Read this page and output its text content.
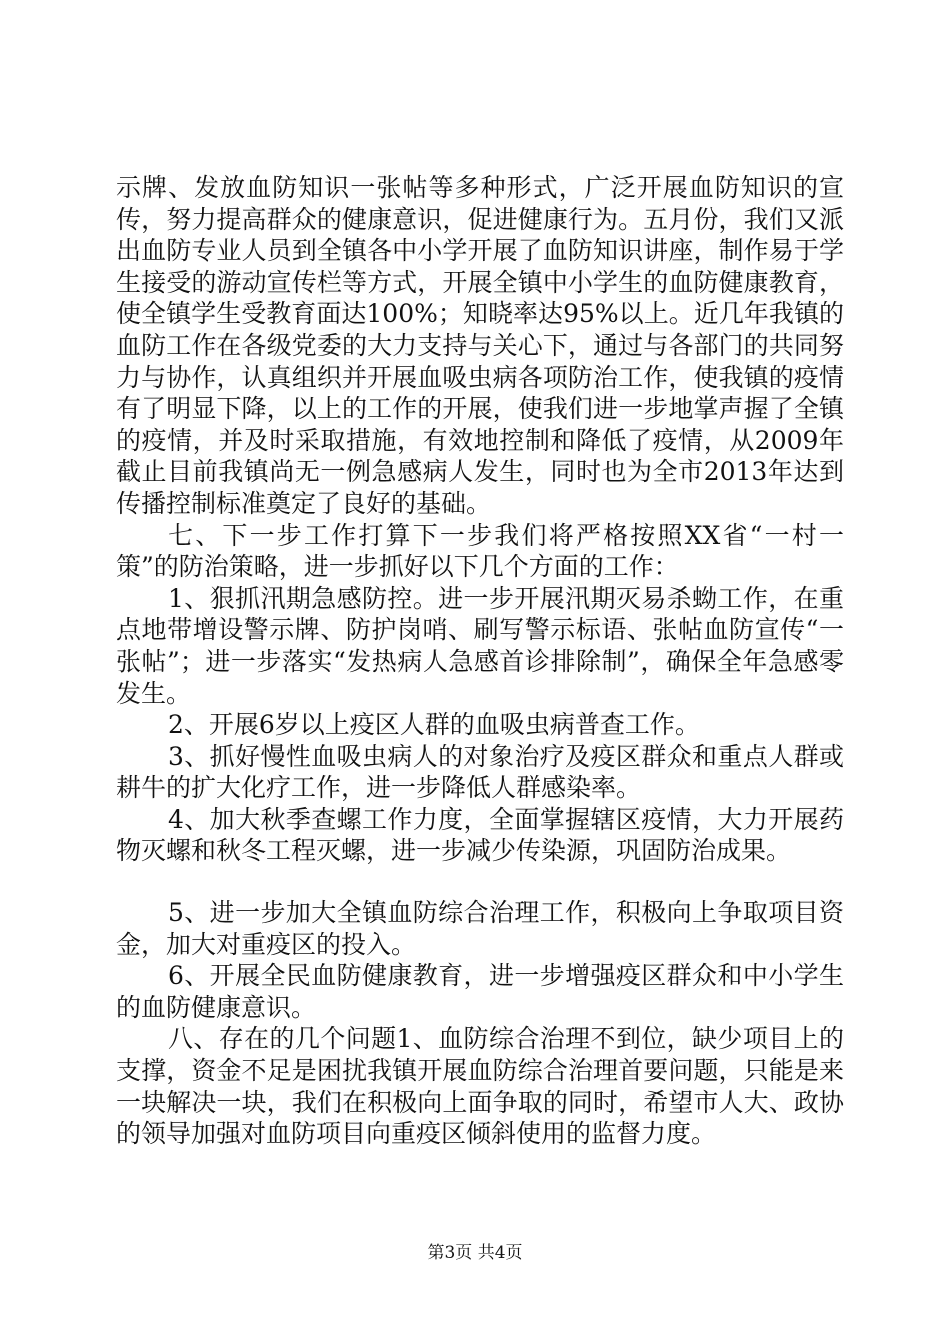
示牌、发放血防知识一张帖等多种形式，广泛开展血防知识的宣传，努力提高群众的健康意识，促进健康行为。五月份，我们又派出血防专业人员到全镇各中小学开展了血防知识讲座，制作易于学生接受的游动宣传栏等方式，开展全镇中小学生的血防健康教育，使全镇学生受教育面达100%；知晓率达95%以上。近几年我镇的血防工作在各级党委的大力支持与关心下，通过与各部门的共同努力与协作，认真组织并开展血吸虫病各项防治工作，使我镇的疫情有了明显下降，以上的工作的开展，使我们进一步地掌声握了全镇的疫情，并及时采取措施，有效地控制和降低了疫情，从2009年截止目前我镇尚无一例急感病人发生，同时也为全市2013年达到传播控制标准奠定了良好的基础。

七、下一步工作打算下一步我们将严格按照XX省“一村一策”的防治策略，进一步抓好以下几个方面的工作：

1、狠抓汛期急感防控。进一步开展汛期灭易杀蚴工作，在重点地带增设警示牌、防护岗哨、刷写警示标语、张帖血防宣传“一张帖”；进一步落实“发热病人急感首诊排除制”，确保全年急感零发生。

2、开展6岁以上疫区人群的血吸虫病普查工作。

3、抓好慢性血吸虫病人的对象治疗及疫区群众和重点人群或耕牛的扩大化疗工作，进一步降低人群感染率。

4、加大秋季查螺工作力度，全面掌握辖区疫情，大力开展药物灭螺和秋冬工程灭螺，进一步减少传染源，巩固防治成果。

5、进一步加大全镇血防综合治理工作，积极向上争取项目资金，加大对重疫区的投入。

6、开展全民血防健康教育，进一步增强疫区群众和中小学生的血防健康意识。

八、存在的几个问题1、血防综合治理不到位，缺少项目上的支撑，资金不足是困扰我镇开展血防综合治理首要问题，只能是来一块解决一块，我们在积极向上面争取的同时，希望市人大、政协的领导加强对血防项目向重疫区倾斜使用的监督力度。

第3页 共4页
